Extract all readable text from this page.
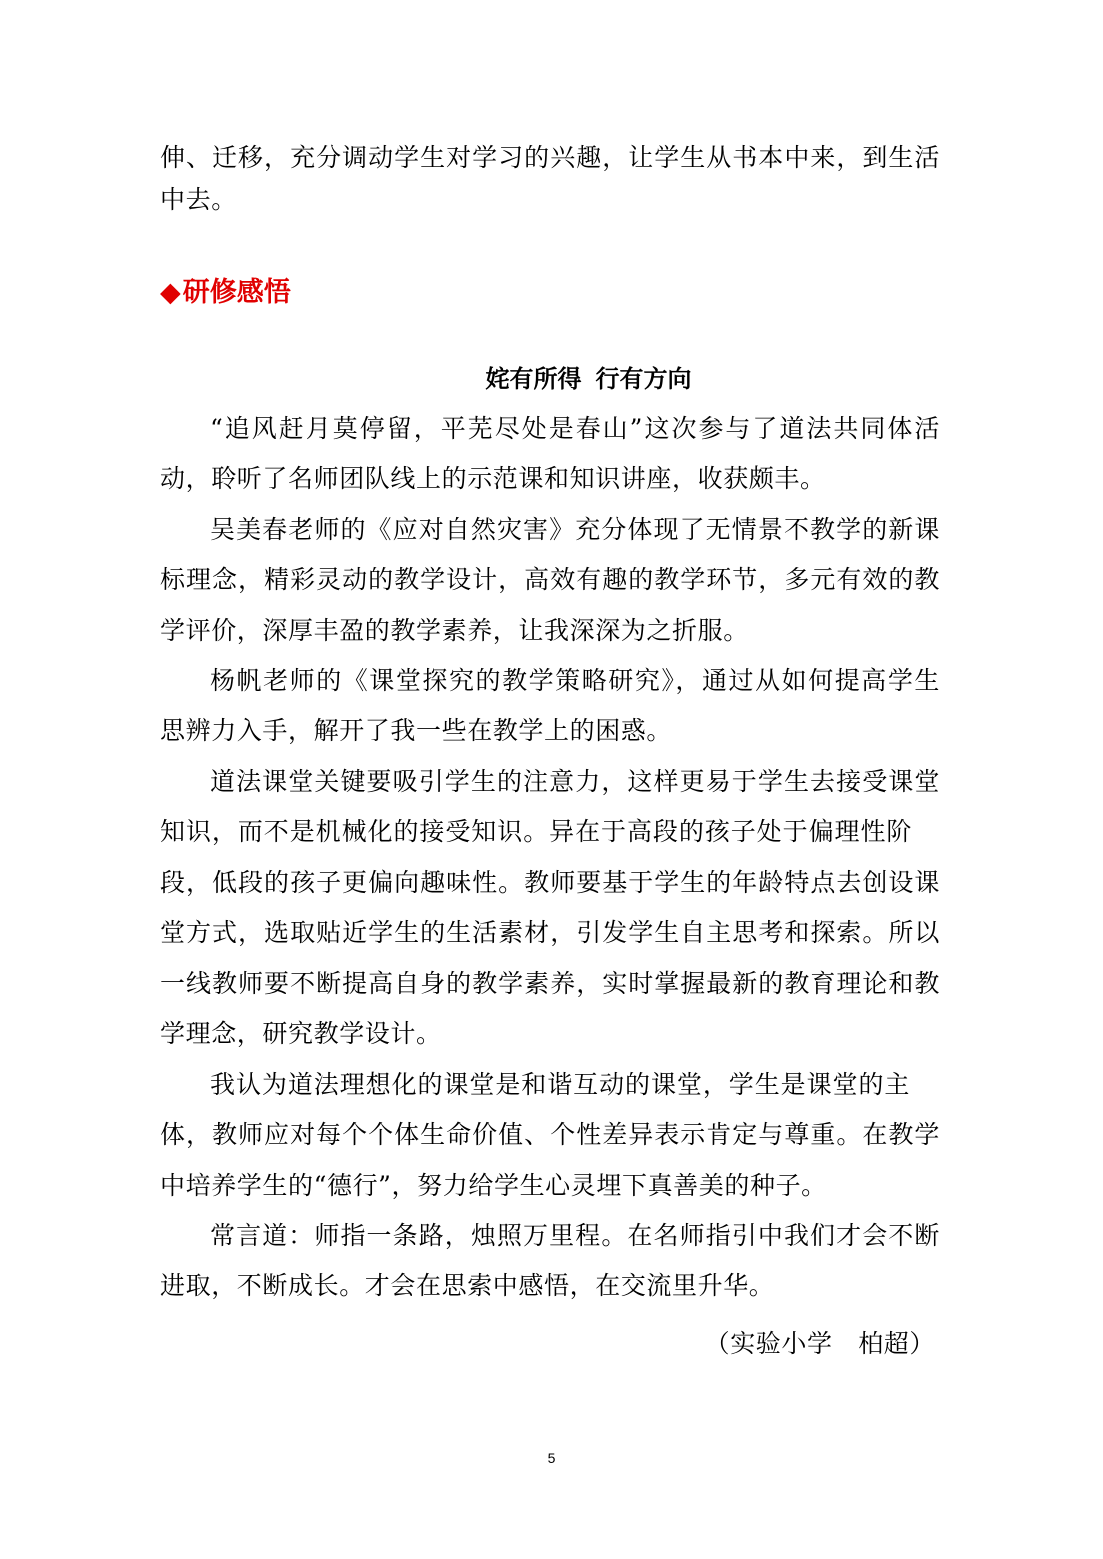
伸、迁移，充分调动学生对学习的兴趣，让学生从书本中来，到生活
中去。
◆研修感悟
姹有所得 行有方向
“追风赶月莫停留，平芜尽处是春山”这次参与了道法共同体活
动，聆听了名师团队线上的示范课和知识讲座，收获颇丰。
吴美春老师的《应对自然灾害》充分体现了无情景不教学的新课
标理念，精彩灵动的教学设计，高效有趣的教学环节，多元有效的教
学评价，深厚丰盈的教学素养，让我深深为之折服。
杨帆老师的《课堂探究的教学策略研究》，通过从如何提高学生
思辨力入手，解开了我一些在教学上的困惑。
道法课堂关键要吸引学生的注意力，这样更易于学生去接受课堂
知识，而不是机械化的接受知识。异在于高段的孩子处于偏理性阶
段，低段的孩子更偏向趣味性。教师要基于学生的年龄特点去创设课
堂方式，选取贴近学生的生活素材，引发学生自主思考和探索。所以
一线教师要不断提高自身的教学素养，实时掌握最新的教育理论和教
学理念，研究教学设计。
我认为道法理想化的课堂是和谐互动的课堂，学生是课堂的主
体，教师应对每个个体生命价值、个性差异表示肯定与尊重。在教学
中培养学生的“德行”，努力给学生心灵埋下真善美的种子。
常言道：师指一条路，烛照万里程。在名师指引中我们才会不断
进取，不断成长。才会在思索中感悟，在交流里升华。
（实验小学　柏超）
5
